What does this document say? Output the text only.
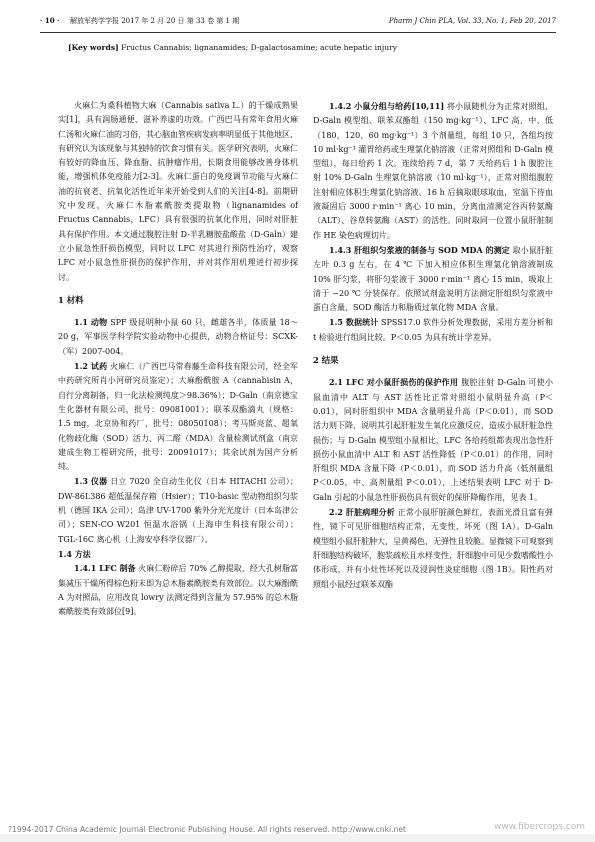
· 10 · 解放军药学学报 2017 年 2 月 20 日 第 33 卷 第 1 期	Pharm J Chin PLA, Vol. 33, No. 1, Feb 20, 2017
[Key words] Fructus Cannabis; lignanamides; D-galactosamine; acute hepatic injury

火麻仁为桑科植物大麻（Cannabis sativa L.）的干燥成熟果实[1]，具有润肠通便、滋补养虚的功效。广西巴马有常年食用火麻仁汤和火麻仁油的习俗，其心脑血管疾病发病率明显低于其他地区，有研究认为该现象与其独特的饮食习惯有关。医学研究表明，火麻仁有较好的降血压、降血脂、抗肿瘤作用，长期食用能够改善身体机能，增强机体免疫能力[2-3]。火麻仁蛋白的免疫调节功能与火麻仁油的抗衰老、抗氧化活性近年来开始受到人们的关注[4-8]。前期研究中发现，火麻仁木脂素酰胺类提取物（lignanamides of Fructus Cannabis，LFC）具有很强的抗氧化作用，同时对肝脏具有保护作用。本文通过腹腔注射 D-半乳糖胺盐酸盐（D-Galn）建立小鼠急性肝损伤模型，同时以 LFC 对其进行预防性治疗，观察 LFC 对小鼠急性肝损伤的保护作用，并对其作用机理进行初步探讨。

1 材料

1.1 动物 SPF 级昆明种小鼠 60 只，雌雄各半，体质量 18～20 g，军事医学科学院实验动物中心提供，动物合格证号：SCXK-（军）2007-004。

1.2 试药 火麻仁（广西巴马常春藤生命科技有限公司，经全军中药研究所肖小河研究员鉴定）；大麻酚酰胺 A（cannabisin A，自行分离制备，归一化法检测纯度＞98.36%）；D-Galn（南京德宝生化器材有限公司，批号：09081001）；联苯双酯滴丸（规格：1.5 mg，北京协和药厂，批号：08050108）；考马斯亮蓝、超氧化物歧化酶（SOD）活力、丙二醛（MDA）含量检测试剂盒（南京建成生物工程研究所，批号：20091017）；其余试剂为国产分析纯。

1.3 仪器 日立 7020 全自动生化仪（日本 HITACHI 公司）；DW-86L386 超低温保存箱（Hsier）；T10-basic 型动物组织匀浆机（德国 IKA 公司）；岛津 UV-1700 紫外分光光度计（日本岛津公司）；SEN-CO W201 恒温水浴锅（上海申生科技有限公司）；TGL-16C 离心机（上海安亭科学仪器厂）。

1.4 方法

1.4.1 LFC 制备 火麻仁粉碎后 70% 乙醇提取，经大孔树脂富集减压干燥所得棕色粉末即为总木脂素酰胺类有效部位。以大麻酚酰 A 为对照品，应用改良 lowry 法测定得到含量为 57.95% 的总木脂素酰胺类有效部位[9]。

1.4.2 小鼠分组与给药[10,11] 将小鼠随机分为正常对照组、D-Galn 模型组、联苯双酯组（150 mg·kg⁻¹）、LFC 高、中、低（180，120，60 mg·kg⁻¹）3 个剂量组，每组 10 只，各组均按 10 ml·kg⁻¹ 灌胃给药或生理氯化钠溶液（正常对照组和 D-Galn 模型组），每日给药 1 次。连续给药 7 d，第 7 天给药后 1 h 腹腔注射 10% D-Galn 生理氯化钠溶液（10 ml·kg⁻¹），正常对照组腹腔注射相应体积生理氯化钠溶液。16 h 后摘取眼球取血，室温下待血液凝固后 3000 r·min⁻¹ 离心 10 min，分离血清测定谷丙转氨酶（ALT）、谷草转氨酶（AST）的活性。同时取同一位置小鼠肝脏制作 HE 染色病理切片。

1.4.3 肝组织匀浆液的制备与 SOD MDA 的测定 取小鼠肝脏左叶 0.3 g 左右，在 4 ℃ 下加入相应体积生理氯化钠溶液制成 10% 肝匀浆，将肝匀浆液于 3000 r·min⁻¹ 离心 15 min，吸取上清于 −20 ℃ 分装保存。依照试剂盒说明方法测定肝组织匀浆液中蛋白含量、SOD 酶活力和脂质过氧化物 MDA 含量。

1.5 数据统计 SPSS17.0 软件分析处理数据，采用方差分析和 t 检验进行组间比较。P＜0.05 为具有统计学差异。

2 结果

2.1 LFC 对小鼠肝损伤的保护作用 腹腔注射 D-Galn 可使小鼠血清中 ALT 与 AST 活性比正常对照组小鼠明显升高（P＜0.01），同时肝组织中 MDA 含量明显升高（P＜0.01），而 SOD 活力则下降，说明其引起肝脏发生氧化应激反应，造成小鼠肝脏急性损伤；与 D-Galn 模型组小鼠相比，LFC 各给药组都表现出急性肝损伤小鼠血清中 ALT 和 AST 活性降低（P＜0.01）的作用，同时肝组织 MDA 含量下降（P＜0.01），而 SOD 活力升高（低剂量组 P＜0.05，中、高剂量组 P＜0.01），上述结果表明 LFC 对于 D-Galn 引起的小鼠急性肝损伤具有很好的保肝降酶作用，见表 1。

2.2 肝脏病理分析 正常小鼠肝脏颜色鲜红，表面光滑且富有弹性，镜下可见肝细胞结构正常，无变性、坏死（图 1A）。D-Galn 模型组小鼠肝脏肿大，呈黄褐色，无弹性且较脆。显微镜下可观察到肝细胞结构破坏，胞浆疏松且水样变性，肝细胞中可见少数嗜酸性小体形成，并有小灶性坏死以及浸润性炎症细胞（图 1B）。阳性药对照组小鼠经过联苯双酯

?1994-2017 China Academic Journal Electronic Publishing House. All rights reserved. http://www.cnki.net	www.fibercrops.com
